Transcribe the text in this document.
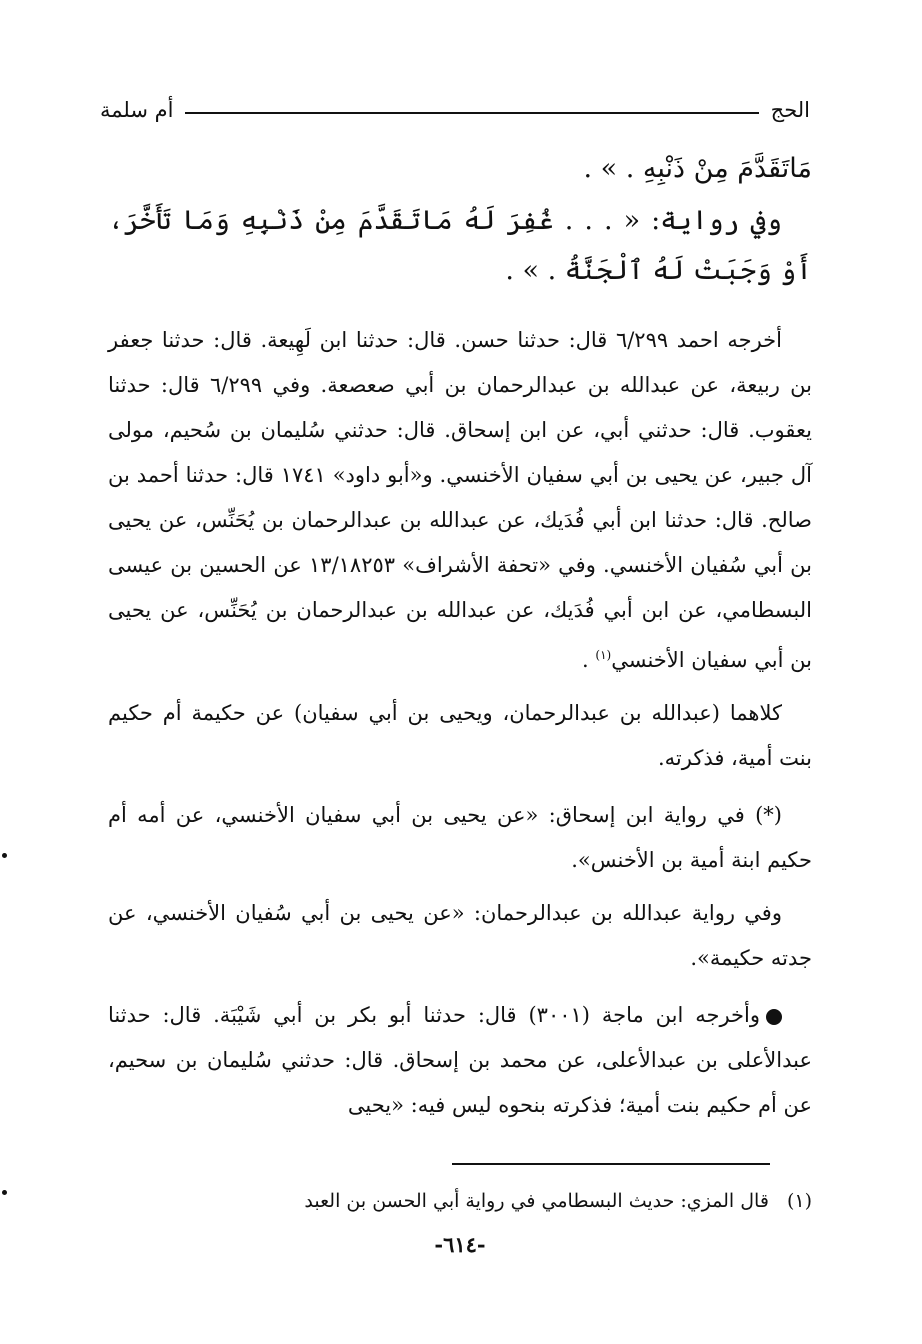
الحج
أم سلمة

مَاتَقَدَّمَ مِنْ ذَنْبِهِ . » .

وفي رواية: « . . . غُفِرَ لَهُ مَاتَقَدَّمَ مِنْ ذَنْبِهِ وَمَا تَأَخَّرَ، أَوْ وَجَبَتْ لَهُ ٱلْجَنَّةُ . » .

أخرجه احمد ٦/٢٩٩ قال: حدثنا حسن. قال: حدثنا ابن لَهِيعة. قال: حدثنا جعفر بن ربيعة، عن عبدالله بن عبدالرحمان بن أبي صعصعة. وفي ٦/٢٩٩ قال: حدثنا يعقوب. قال: حدثني أبي، عن ابن إسحاق. قال: حدثني سُليمان بن سُحيم، مولى آل جبير، عن يحيى بن أبي سفيان الأخنسي. و«أبو داود» ١٧٤١ قال: حدثنا أحمد بن صالح. قال: حدثنا ابن أبي فُدَيك، عن عبدالله بن عبدالرحمان بن يُحَنِّس، عن يحيى بن أبي سُفيان الأخنسي. وفي «تحفة الأشراف» ١٣/١٨٢٥٣ عن الحسين بن عيسى البسطامي، عن ابن أبي فُدَيك، عن عبدالله بن عبدالرحمان بن يُحَنِّس، عن يحيى بن أبي سفيان الأخنسي$^{(١)}$ .

كلاهما (عبدالله بن عبدالرحمان، ويحيى بن أبي سفيان) عن حكيمة أم حكيم بنت أمية، فذكرته.

(*) في رواية ابن إسحاق: «عن يحيى بن أبي سفيان الأخنسي، عن أمه أم حكيم ابنة أمية بن الأخنس».

وفي رواية عبدالله بن عبدالرحمان: «عن يحيى بن أبي سُفيان الأخنسي، عن جدته حكيمة».

وأخرجه ابن ماجة (٣٠٠١) قال: حدثنا أبو بكر بن أبي شَيْبَة. قال: حدثنا عبدالأعلى بن عبدالأعلى، عن محمد بن إسحاق. قال: حدثني سُليمان بن سحيم، عن أم حكيم بنت أمية؛ فذكرته بنحوه ليس فيه: «يحيى

(١)قال المزي: حديث البسطامي في رواية أبي الحسن بن العبد
-٦١٤-
